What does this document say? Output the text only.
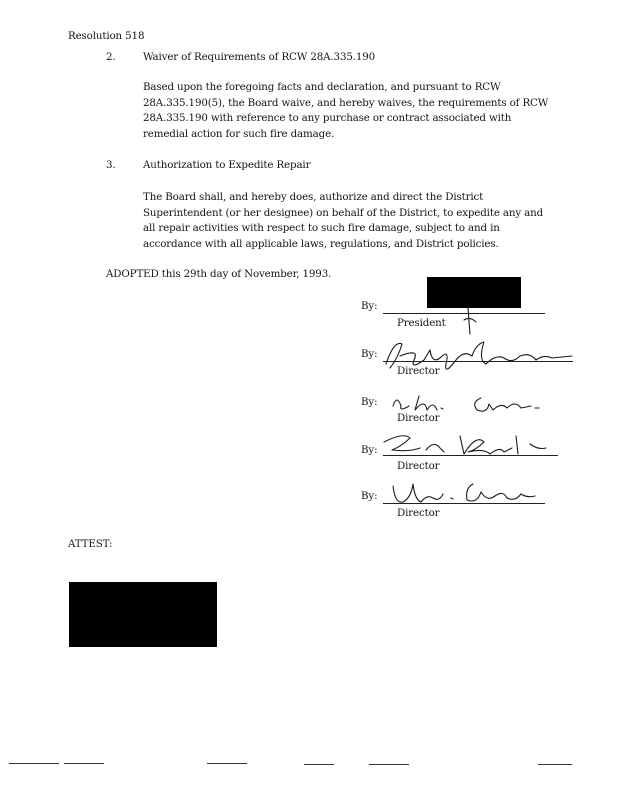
Resolution 518
2.	Waiver of Requirements of RCW 28A.335.190
Based upon the foregoing facts and declaration, and pursuant to RCW
28A.335.190(5), the Board waive, and hereby waives, the requirements of RCW
28A.335.190 with reference to any purchase or contract associated with
remedial action for such fire damage.
3.	Authorization to Expedite Repair
The Board shall, and hereby does, authorize and direct the District
Superintendent (or her designee) on behalf of the District, to expedite any and
all repair activities with respect to such fire damage, subject to and in
accordance with all applicable laws, regulations, and District policies.
ADOPTED this 29th day of November, 1993.
By:
President
By:
Director
By:
Director
By:
Director
By:
Director
ATTEST:
